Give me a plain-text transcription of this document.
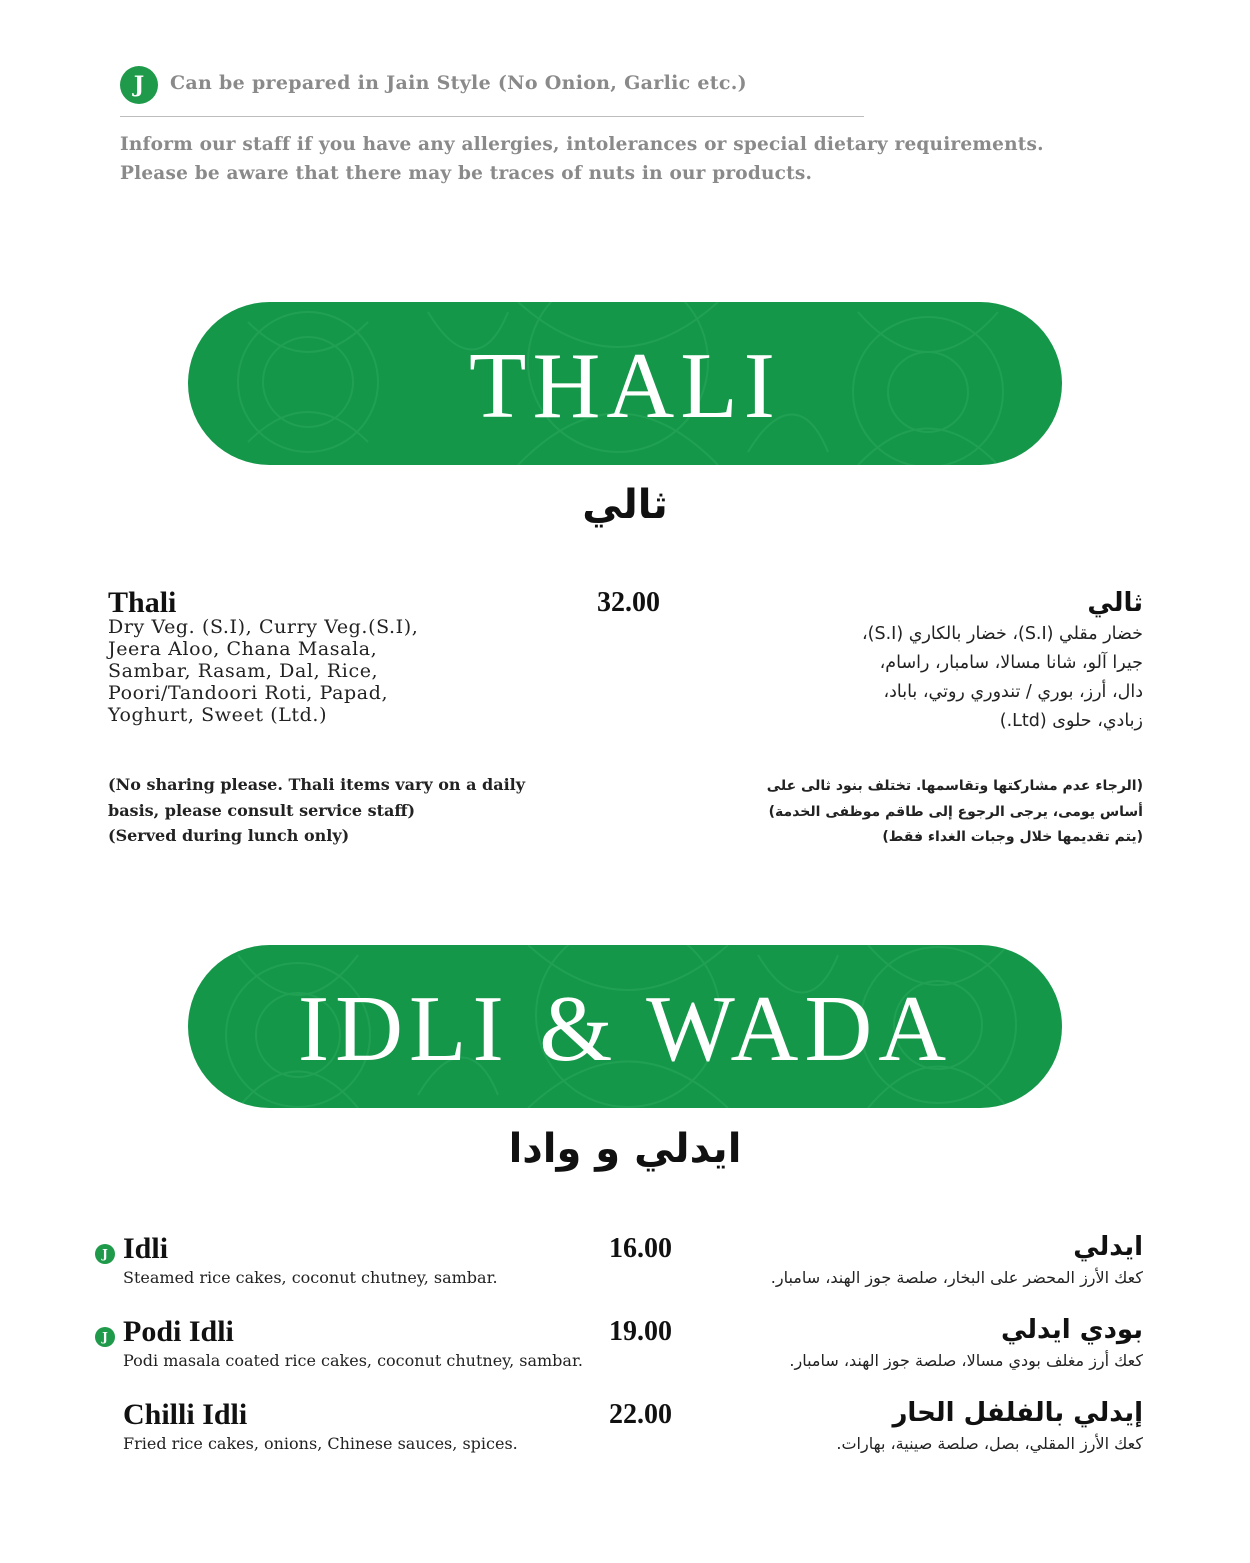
J	Can be prepared in Jain Style (No Onion, Garlic etc.)
Inform our staff if you have any allergies, intolerances or special dietary requirements.
Please be aware that there may be traces of nuts in our products.
THALI
ثالي
Thali	32.00
Dry Veg. (S.I), Curry Veg.(S.I),
Jeera Aloo, Chana Masala,
Sambar, Rasam, Dal, Rice,
Poori/Tandoori Roti, Papad,
Yoghurt, Sweet (Ltd.)
ثالي
خضار مقلي (S.I)، خضار بالكاري (S.I)،
جيرا آلو، شانا مسالا، سامبار، راسام،
دال، أرز، بوري / تندوري روتي، باباد،
زبادي، حلوى (Ltd.)
(No sharing please. Thali items vary on a daily
basis, please consult service staff)
(Served during lunch only)
(الرجاء عدم مشاركتها وتقاسمها. تختلف بنود ثالى على
أساس يومى، يرجى الرجوع إلى طاقم موظفى الخدمة)
(يتم تقديمها خلال وجبات الغداء فقط)
IDLI & WADA
ايدلي و وادا
J Idli	16.00
Steamed rice cakes, coconut chutney, sambar.
ايدلي
كعك الأرز المحضر على البخار، صلصة جوز الهند، سامبار.
J Podi Idli	19.00
Podi masala coated rice cakes, coconut chutney, sambar.
بودي ايدلي
كعك أرز مغلف بودي مسالا، صلصة جوز الهند، سامبار.
Chilli Idli	22.00
Fried rice cakes, onions, Chinese sauces, spices.
إيدلي بالفلفل الحار
كعك الأرز المقلي، بصل، صلصة صينية، بهارات.
